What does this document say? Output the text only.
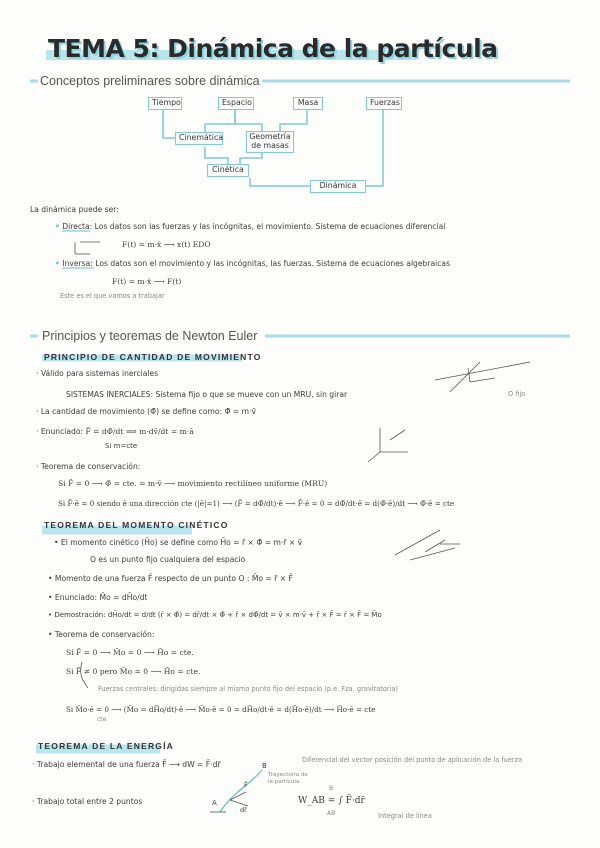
TEMA 5: Dinámica de la partícula
Conceptos preliminares sobre dinámica
Tiempo	Espacio	Masa	Fuerzas
Cinemática	Geometría
de masas
Cinética
Dinámica
La dinámica puede ser:
• Directa: Los datos son las fuerzas y las incógnitas, el movimiento. Sistema de ecuaciones diferencial
F(t) = m·ẍ ⟶ x(t) EDO
• Inversa: Los datos son el movimiento y las incógnitas, las fuerzas. Sistema de ecuaciones algebraicas
F(t) = m·ẍ ⟶ F(t)
Este es el que vamos a trabajar
Principios y teoremas de Newton Euler
PRINCIPIO DE CANTIDAD DE MOVIMIENTO
· Válido para sistemas inerciales
SISTEMAS INERCIALES: Sistema fijo o que se mueve con un MRU, sin girar	O fijo
· La cantidad de movimiento (Φ̄) se define como: Φ̄ = m·v̄
· Enunciado: F̄ = dΦ̄/dt ⟹ m·dv̄/dt = m·ā
Si m=cte
· Teorema de conservación:
Si F̄ = 0 ⟶ Φ̄ = cte. = m·v̄ ⟶ movimiento rectilíneo uniforme (MRU)
Si F̄·ē = 0 siendo ē una dirección cte (|ē|=1) ⟶ (F̄ = dΦ̄/dt)·ē ⟶ F̄·ē = 0 = dΦ̄/dt·ē = d(Φ̄·ē)/dt ⟶ Φ̄·ē = cte
TEOREMA DEL MOMENTO CINÉTICO
• El momento cinético (H̄o) se define como H̄o = r̄ × Φ̄ = m·r̄ × v̄
O es un punto fijo cualquiera del espacio
• Momento de una fuerza F̄ respecto de un punto O : M̄o = r̄ × F̄
• Enunciado: M̄o = dH̄o/dt
• Demostración: dH̄o/dt = d/dt (r̄ × Φ̄) = dr̄/dt × Φ̄ + r̄ × dΦ̄/dt = v̄ × m·v̄ + r̄ × F̄ = r̄ × F̄ = M̄o
• Teorema de conservación:
Si F̄ = 0 ⟶ M̄o = 0 ⟶ H̄o = cte.
Si F̄ ≠ 0 pero M̄o = 0 ⟶ H̄o = cte.
Fuerzas centrales: dirigidas siempre al mismo punto fijo del espacio (p.e. Fza. gravitatoria)
Si M̄o·ē = 0 ⟶ (M̄o = dH̄o/dt)·ē ⟶ M̄o·ē = 0 = dH̄o/dt·ē = d(H̄o·ē)/dt ⟶ H̄o·ē = cte
cte
TEOREMA DE LA ENERGÍA
· Trabajo elemental de una fuerza F̄ ⟶ dW = F̄·dr̄	Diferencial del vector posición del punto de aplicación de la fuerza
Trayectoria de
la partícula
· Trabajo total entre 2 puntos	W_AB = ∫ F̄·dr̄
B
AB	Integral de línea
A
B
F̄
dr̄
